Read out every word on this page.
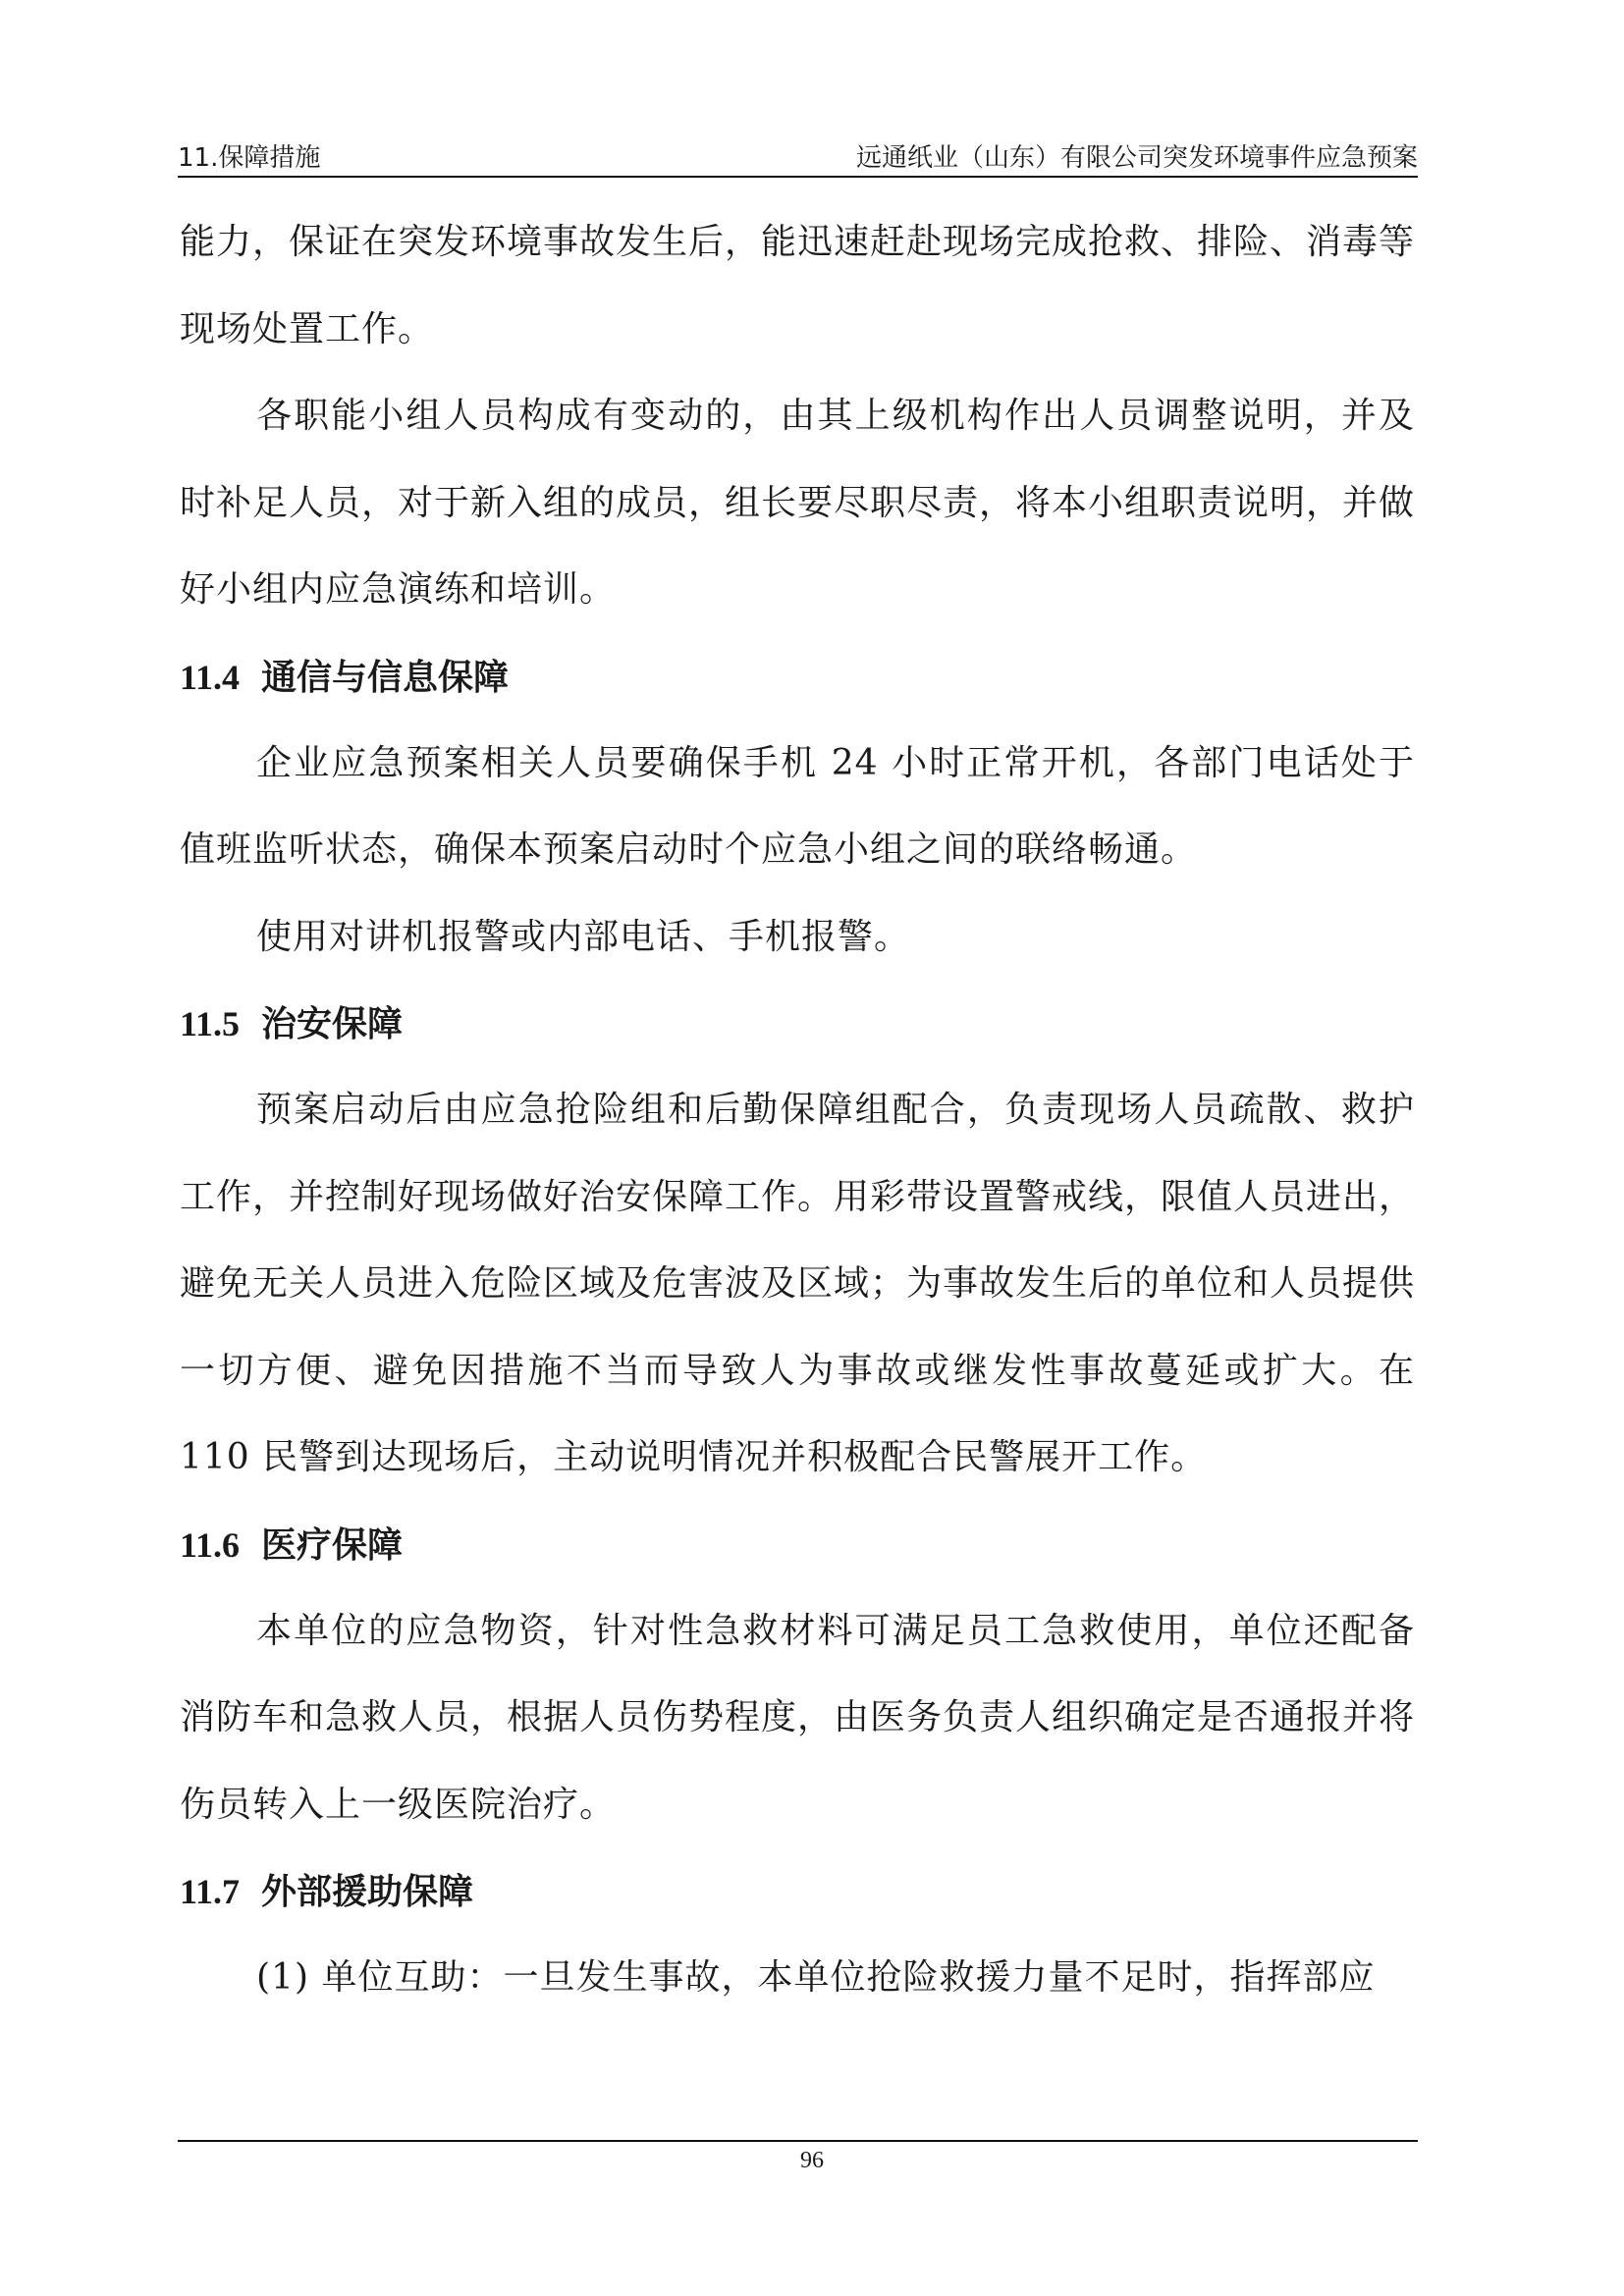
11.保障措施	远通纸业（山东）有限公司突发环境事件应急预案

能力，保证在突发环境事故发生后，能迅速赶赴现场完成抢救、排险、消毒等现场处置工作。

各职能小组人员构成有变动的，由其上级机构作出人员调整说明，并及时补足人员，对于新入组的成员，组长要尽职尽责，将本小组职责说明，并做好小组内应急演练和培训。

11.4 通信与信息保障

企业应急预案相关人员要确保手机 24 小时正常开机，各部门电话处于值班监听状态，确保本预案启动时个应急小组之间的联络畅通。

使用对讲机报警或内部电话、手机报警。

11.5 治安保障

预案启动后由应急抢险组和后勤保障组配合，负责现场人员疏散、救护工作，并控制好现场做好治安保障工作。用彩带设置警戒线，限值人员进出，避免无关人员进入危险区域及危害波及区域；为事故发生后的单位和人员提供一切方便、避免因措施不当而导致人为事故或继发性事故蔓延或扩大。在 110 民警到达现场后，主动说明情况并积极配合民警展开工作。

11.6 医疗保障

本单位的应急物资，针对性急救材料可满足员工急救使用，单位还配备消防车和急救人员，根据人员伤势程度，由医务负责人组织确定是否通报并将伤员转入上一级医院治疗。

11.7 外部援助保障

(1) 单位互助：一旦发生事故，本单位抢险救援力量不足时，指挥部应

96
